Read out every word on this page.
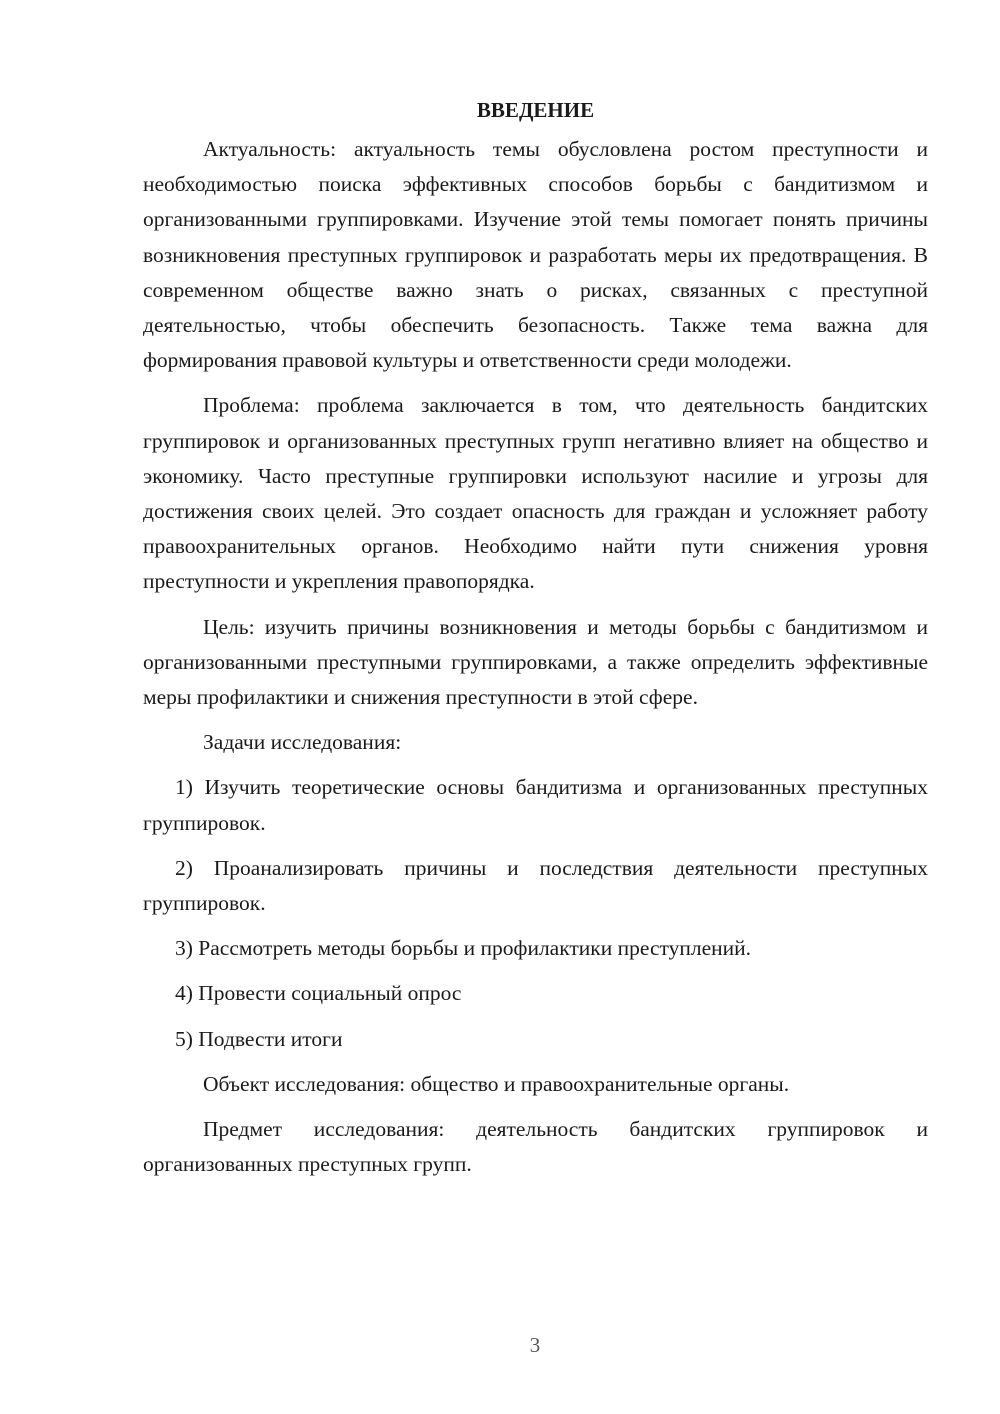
ВВЕДЕНИЕ

Актуальность: актуальность темы обусловлена ростом преступности и необходимостью поиска эффективных способов борьбы с бандитизмом и организованными группировками. Изучение этой темы помогает понять причины возникновения преступных группировок и разработать меры их предотвращения. В современном обществе важно знать о рисках, связанных с преступной деятельностью, чтобы обеспечить безопасность. Также тема важна для формирования правовой культуры и ответственности среди молодежи.

Проблема: проблема заключается в том, что деятельность бандитских группировок и организованных преступных групп негативно влияет на общество и экономику. Часто преступные группировки используют насилие и угрозы для достижения своих целей. Это создает опасность для граждан и усложняет работу правоохранительных органов. Необходимо найти пути снижения уровня преступности и укрепления правопорядка.

Цель: изучить причины возникновения и методы борьбы с бандитизмом и организованными преступными группировками, а также определить эффективные меры профилактики и снижения преступности в этой сфере.

Задачи исследования:

1) Изучить теоретические основы бандитизма и организованных преступных группировок.

2) Проанализировать причины и последствия деятельности преступных группировок.

3) Рассмотреть методы борьбы и профилактики преступлений.

4) Провести социальный опрос

5) Подвести итоги

Объект исследования: общество и правоохранительные органы.

Предмет исследования: деятельность бандитских группировок и организованных преступных групп.

3
